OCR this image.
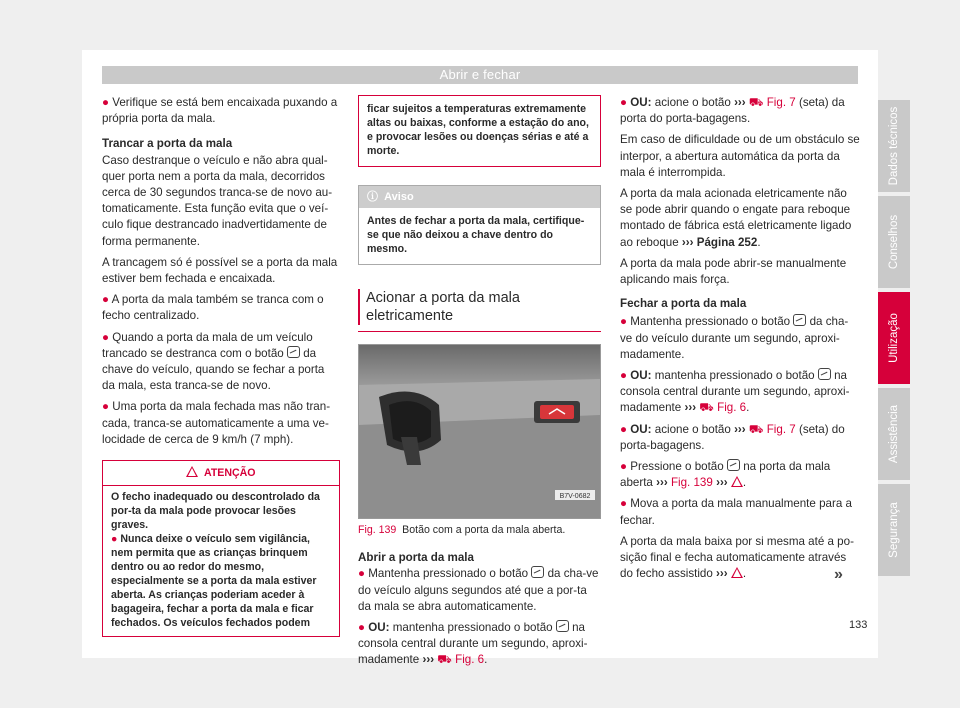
Abrir e fechar

● Verifique se está bem encaixada puxando a própria porta da mala.

Trancar a porta da mala

Caso destranque o veículo e não abra qual-quer porta nem a porta da mala, decorridos cerca de 30 segundos tranca-se de novo au-tomaticamente. Esta função evita que o veí-culo fique destrancado inadvertidamente de forma permanente.

A trancagem só é possível se a porta da mala estiver bem fechada e encaixada.

● A porta da mala também se tranca com o fecho centralizado.

● Quando a porta da mala de um veículo trancado se destranca com o botão da chave do veículo, quando se fechar a porta da mala, esta tranca-se de novo.

● Uma porta da mala fechada mas não tran-cada, tranca-se automaticamente a uma ve-locidade de cerca de 9 km/h (7 mph).

ATENÇÃO
O fecho inadequado ou descontrolado da por-ta da mala pode provocar lesões graves.
● Nunca deixe o veículo sem vigilância, nem permita que as crianças brinquem dentro ou ao redor do mesmo, especialmente se a porta da mala estiver aberta. As crianças poderiam aceder à bagageira, fechar a porta da mala e ficar fechados. Os veículos fechados podem
ficar sujeitos a temperaturas extremamente altas ou baixas, conforme a estação do ano, e provocar lesões ou doenças sérias e até a morte.
ⓘ Aviso
Antes de fechar a porta da mala, certifique-se que não deixou a chave dentro do mesmo.
Acionar a porta da mala eletricamente
B7V-0682

Fig. 139 Botão com a porta da mala aberta.

Abrir a porta da mala

● Mantenha pressionado o botão da cha-ve do veículo alguns segundos até que a por-ta da mala se abra automaticamente.

● OU: mantenha pressionado o botão na consola central durante um segundo, aproxi-madamente ››› ⛟ Fig. 6.

● OU: acione o botão ››› ⛟ Fig. 7 (seta) da porta do porta-bagagens.

Em caso de dificuldade ou de um obstáculo se interpor, a abertura automática da porta da mala é interrompida.

A porta da mala acionada eletricamente não se pode abrir quando o engate para reboque montado de fábrica está eletricamente ligado ao reboque ››› Página 252.

A porta da mala pode abrir-se manualmente aplicando mais força.

Fechar a porta da mala

● Mantenha pressionado o botão da cha-ve do veículo durante um segundo, aproxi-madamente.

● OU: mantenha pressionado o botão na consola central durante um segundo, aproxi-madamente ››› ⛟ Fig. 6.

● OU: acione o botão ››› ⛟ Fig. 7 (seta) do porta-bagagens.

● Pressione o botão na porta da mala aberta ››› Fig. 139 ››› .

● Mova a porta da mala manualmente para a fechar.

A porta da mala baixa por si mesma até a po-sição final e fecha automaticamente através do fecho assistido ››› .	»
Dados técnicos
Conselhos
Utilização
Assistência
Segurança
133
